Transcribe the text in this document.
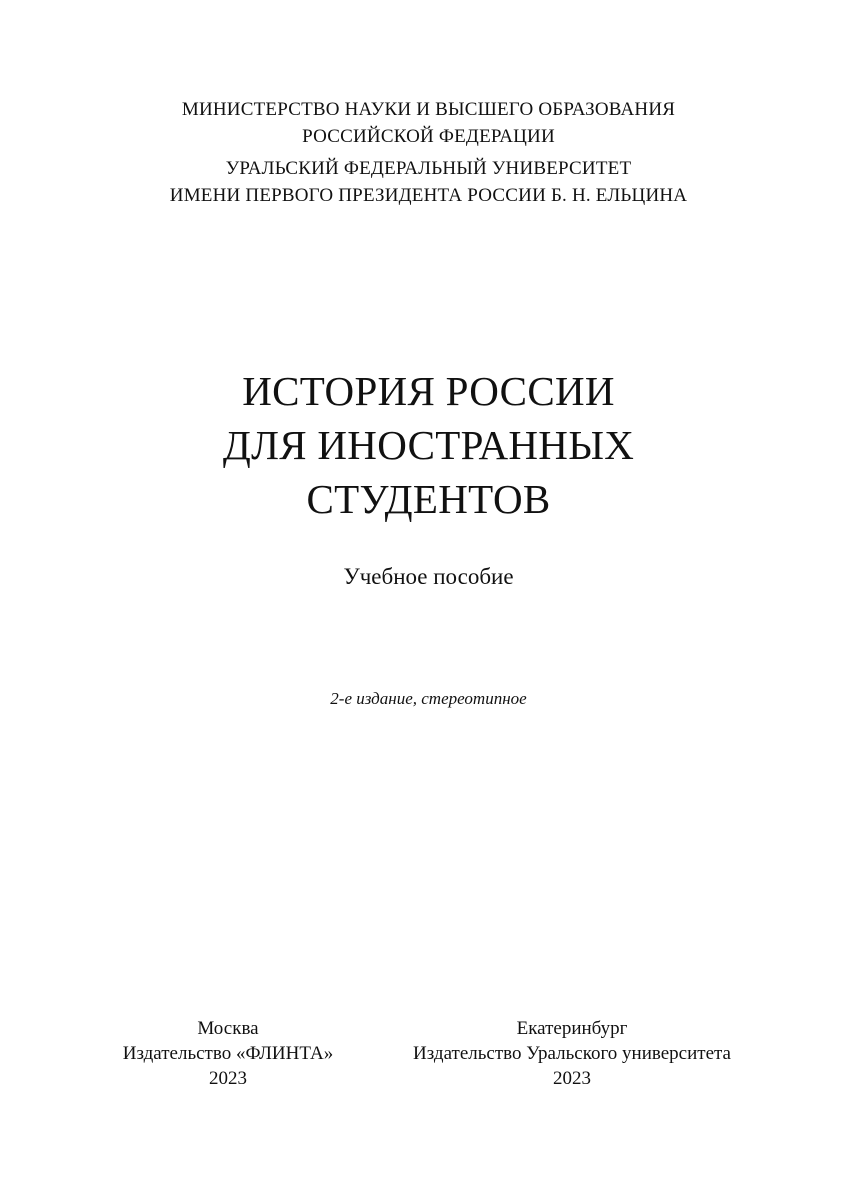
МИНИСТЕРСТВО НАУКИ И ВЫСШЕГО ОБРАЗОВАНИЯ
РОССИЙСКОЙ ФЕДЕРАЦИИ
УРАЛЬСКИЙ ФЕДЕРАЛЬНЫЙ УНИВЕРСИТЕТ
ИМЕНИ ПЕРВОГО ПРЕЗИДЕНТА РОССИИ Б. Н. ЕЛЬЦИНА
ИСТОРИЯ РОССИИ
ДЛЯ ИНОСТРАННЫХ
СТУДЕНТОВ
Учебное пособие
2-е издание, стереотипное
Москва
Издательство «ФЛИНТА»
2023
Екатеринбург
Издательство Уральского университета
2023
